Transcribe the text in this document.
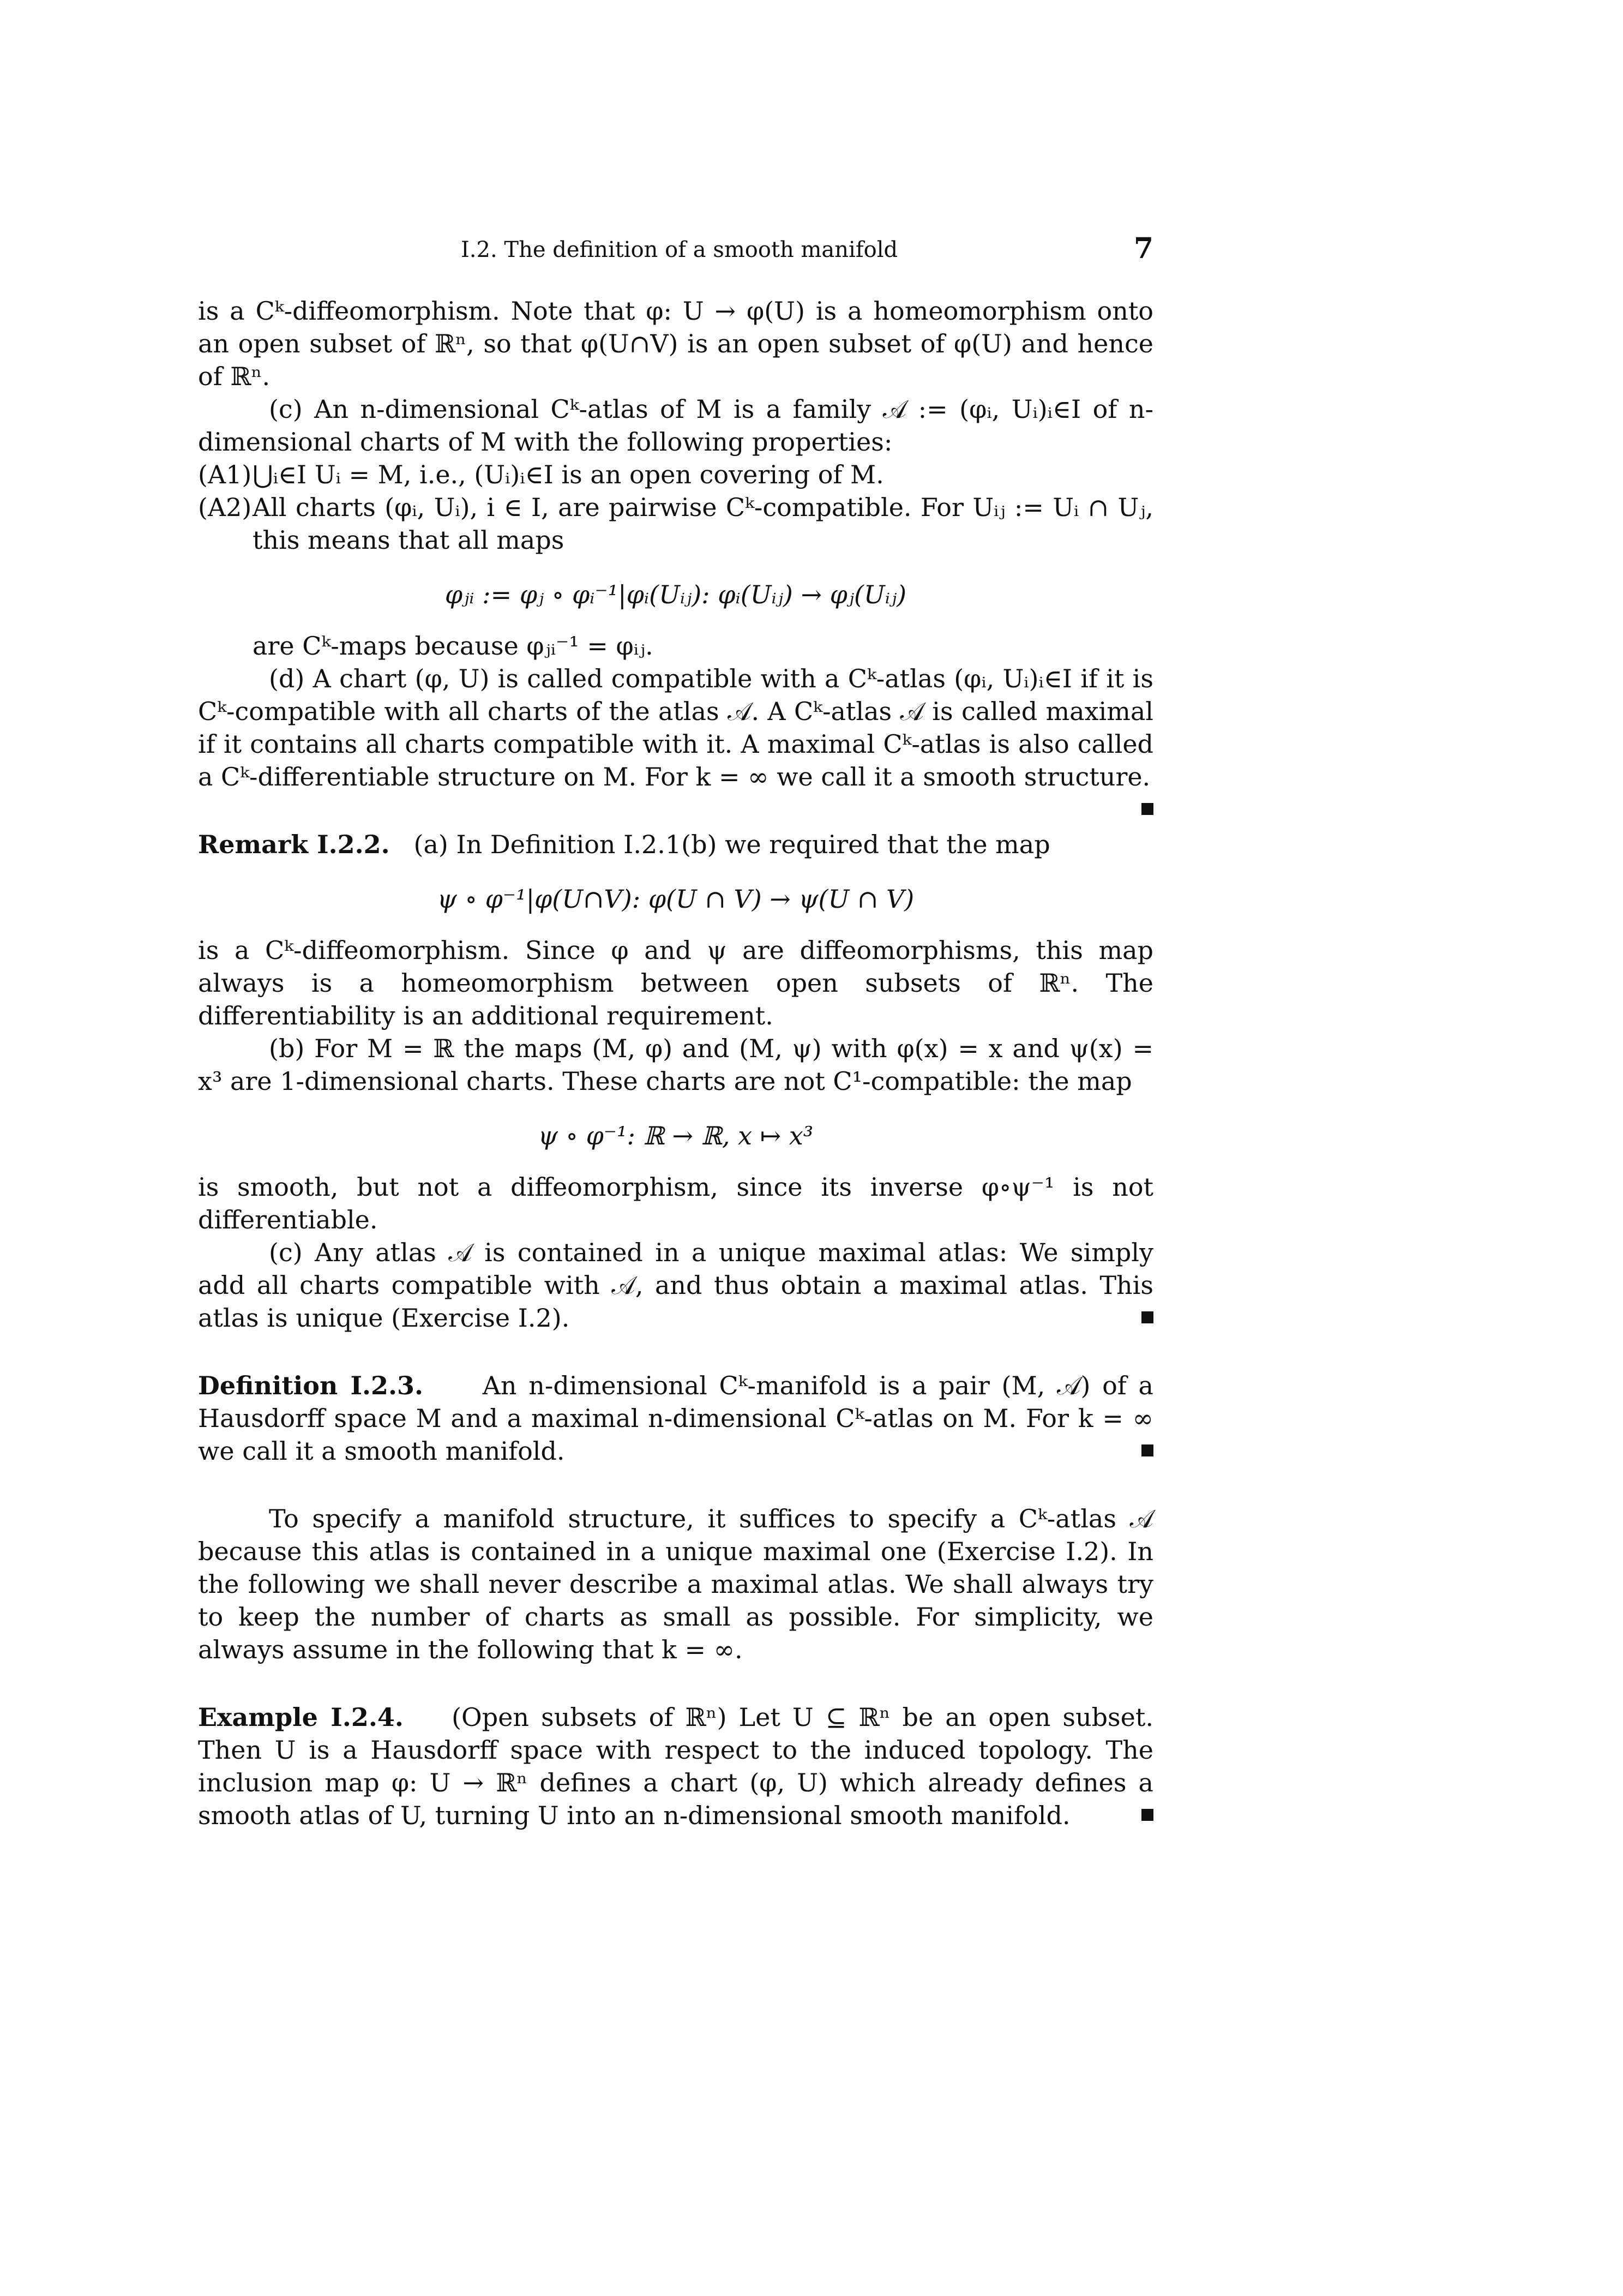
I.2. The definition of a smooth manifold	7

is a Cᵏ-diffeomorphism. Note that φ: U → φ(U) is a homeomorphism onto an open subset of ℝⁿ, so that φ(U∩V) is an open subset of φ(U) and hence of ℝⁿ.

(c) An n-dimensional Cᵏ-atlas of M is a family 𝒜 := (φᵢ, Uᵢ)ᵢ∈I of n-dimensional charts of M with the following properties:

(A1) ⋃ᵢ∈I Uᵢ = M, i.e., (Uᵢ)ᵢ∈I is an open covering of M.
(A2) All charts (φᵢ, Uᵢ), i ∈ I, are pairwise Cᵏ-compatible. For Uᵢⱼ := Uᵢ ∩ Uⱼ, this means that all maps
φⱼᵢ := φⱼ ∘ φᵢ⁻¹|φᵢ(Uᵢⱼ): φᵢ(Uᵢⱼ) → φⱼ(Uᵢⱼ)

are Cᵏ-maps because φⱼᵢ⁻¹ = φᵢⱼ.

(d) A chart (φ, U) is called compatible with a Cᵏ-atlas (φᵢ, Uᵢ)ᵢ∈I if it is Cᵏ-compatible with all charts of the atlas 𝒜. A Cᵏ-atlas 𝒜 is called maximal if it contains all charts compatible with it. A maximal Cᵏ-atlas is also called a Cᵏ-differentiable structure on M. For k = ∞ we call it a smooth structure.

Remark I.2.2. (a) In Definition I.2.1(b) we required that the map

ψ ∘ φ⁻¹|φ(U∩V): φ(U ∩ V) → ψ(U ∩ V)

is a Cᵏ-diffeomorphism. Since φ and ψ are diffeomorphisms, this map always is a homeomorphism between open subsets of ℝⁿ. The differentiability is an additional requirement.

(b) For M = ℝ the maps (M, φ) and (M, ψ) with φ(x) = x and ψ(x) = x³ are 1-dimensional charts. These charts are not C¹-compatible: the map

ψ ∘ φ⁻¹: ℝ → ℝ, x ↦ x³

is smooth, but not a diffeomorphism, since its inverse φ∘ψ⁻¹ is not differentiable.

(c) Any atlas 𝒜 is contained in a unique maximal atlas: We simply add all charts compatible with 𝒜, and thus obtain a maximal atlas. This atlas is unique (Exercise I.2).

Definition I.2.3. An n-dimensional Cᵏ-manifold is a pair (M, 𝒜) of a Hausdorff space M and a maximal n-dimensional Cᵏ-atlas on M. For k = ∞ we call it a smooth manifold.

To specify a manifold structure, it suffices to specify a Cᵏ-atlas 𝒜 because this atlas is contained in a unique maximal one (Exercise I.2). In the following we shall never describe a maximal atlas. We shall always try to keep the number of charts as small as possible. For simplicity, we always assume in the following that k = ∞.

Example I.2.4. (Open subsets of ℝⁿ) Let U ⊆ ℝⁿ be an open subset. Then U is a Hausdorff space with respect to the induced topology. The inclusion map φ: U → ℝⁿ defines a chart (φ, U) which already defines a smooth atlas of U, turning U into an n-dimensional smooth manifold.
